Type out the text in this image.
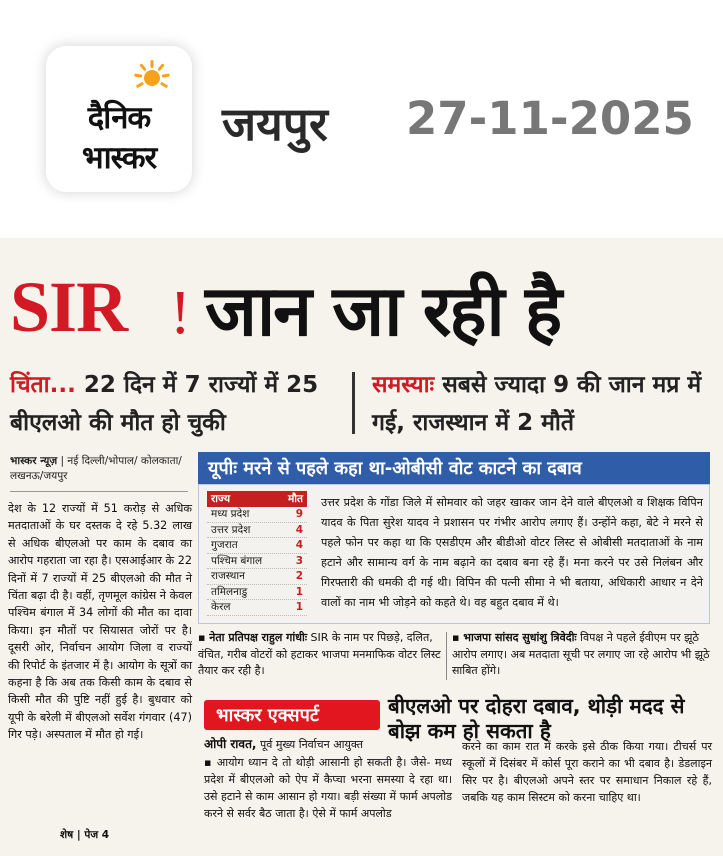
दैनिक
भास्कर
जयपुर 27-11-2025
SIR ! जान जा रही है
चिंता... 22 दिन में 7 राज्यों में 25 बीएलओ की मौत हो चुकी
समस्याः सबसे ज्यादा 9 की जान मप्र में गई, राजस्थान में 2 मौतें
भास्कर न्यूज़ | नई दिल्ली/भोपाल/ कोलकाता/लखनऊ/जयपुर
देश के 12 राज्यों में 51 करोड़ से अधिक मतदाताओं के घर दस्तक दे रहे 5.32 लाख से अधिक बीएलओ पर काम के दबाव का आरोप गहराता जा रहा है। एसआईआर के 22 दिनों में 7 राज्यों में 25 बीएलओ की मौत ने चिंता बढ़ा दी है। वहीं, तृणमूल कांग्रेस ने केवल पश्चिम बंगाल में 34 लोगों की मौत का दावा किया। इन मौतों पर सियासत जोरों पर है। दूसरी ओर, निर्वाचन आयोग जिला व राज्यों की रिपोर्ट के इंतजार में है। आयोग के सूत्रों का कहना है कि अब तक किसी काम के दबाव से किसी मौत की पुष्टि नहीं हुई है। बुधवार को यूपी के बरेली में बीएलओ सर्वेश गंगवार (47) गिर पड़े। अस्पताल में मौत हो गई।
शेष | पेज 4
यूपीः मरने से पहले कहा था-ओबीसी वोट काटने का दबाव
राज्य	मौत
मध्य प्रदेश	9
उत्तर प्रदेश	4
गुजरात	4
पश्चिम बंगाल	3
राजस्थान	2
तमिलनाडु	1
केरल	1
उत्तर प्रदेश के गोंडा जिले में सोमवार को जहर खाकर जान देने वाले बीएलओ व शिक्षक विपिन यादव के पिता सुरेश यादव ने प्रशासन पर गंभीर आरोप लगाए हैं। उन्होंने कहा, बेटे ने मरने से पहले फोन पर कहा था कि एसडीएम और बीडीओ वोटर लिस्ट से ओबीसी मतदाताओं के नाम हटाने और सामान्य वर्ग के नाम बढ़ाने का दबाव बना रहे हैं। मना करने पर उसे निलंबन और गिरफ्तारी की धमकी दी गई थी। विपिन की पत्नी सीमा ने भी बताया, अधिकारी आधार न देने वालों का नाम भी जोड़ने को कहते थे। वह बहुत दबाव में थे।
▪ नेता प्रतिपक्ष राहुल गांधीः SIR के नाम पर पिछड़े, दलित, वंचित, गरीब वोटरों को हटाकर भाजपा मनमाफिक वोटर लिस्ट तैयार कर रही है।
▪ भाजपा सांसद सुधांशु त्रिवेदीः विपक्ष ने पहले ईवीएम पर झूठे आरोप लगाए। अब मतदाता सूची पर लगाए जा रहे आरोप भी झूठे साबित होंगे।
भास्कर एक्सपर्ट
ओपी रावत, पूर्व मुख्य निर्वाचन आयुक्त
बीएलओ पर दोहरा दबाव, थोड़ी मदद से बोझ कम हो सकता है
▪ आयोग ध्यान दे तो थोड़ी आसानी हो सकती है। जैसे- मध्य प्रदेश में बीएलओ को ऐप में कैप्चा भरना समस्या दे रहा था। उसे हटाने से काम आसान हो गया। बड़ी संख्या में फार्म अपलोड करने से सर्वर बैठ जाता है। ऐसे में फार्म अपलोड
करने का काम रात में करके इसे ठीक किया गया। टीचर्स पर स्कूलों में दिसंबर में कोर्स पूरा कराने का भी दबाव है। डेडलाइन सिर पर है। बीएलओ अपने स्तर पर समाधान निकाल रहे हैं, जबकि यह काम सिस्टम को करना चाहिए था।
